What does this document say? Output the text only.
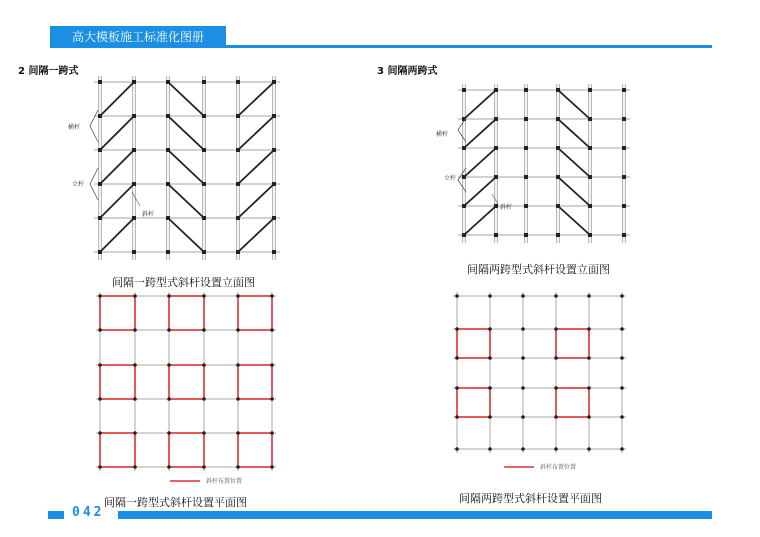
高大模板施工标准化图册
2 间隔一跨式	3 间隔两跨式
横杆
立杆
斜杆
间隔一跨型式斜杆设置立面图
横杆
立杆
斜杆
间隔两跨型式斜杆设置立面图
斜杆布置位置
间隔一跨型式斜杆设置平面图
斜杆布置位置
间隔两跨型式斜杆设置平面图
042
